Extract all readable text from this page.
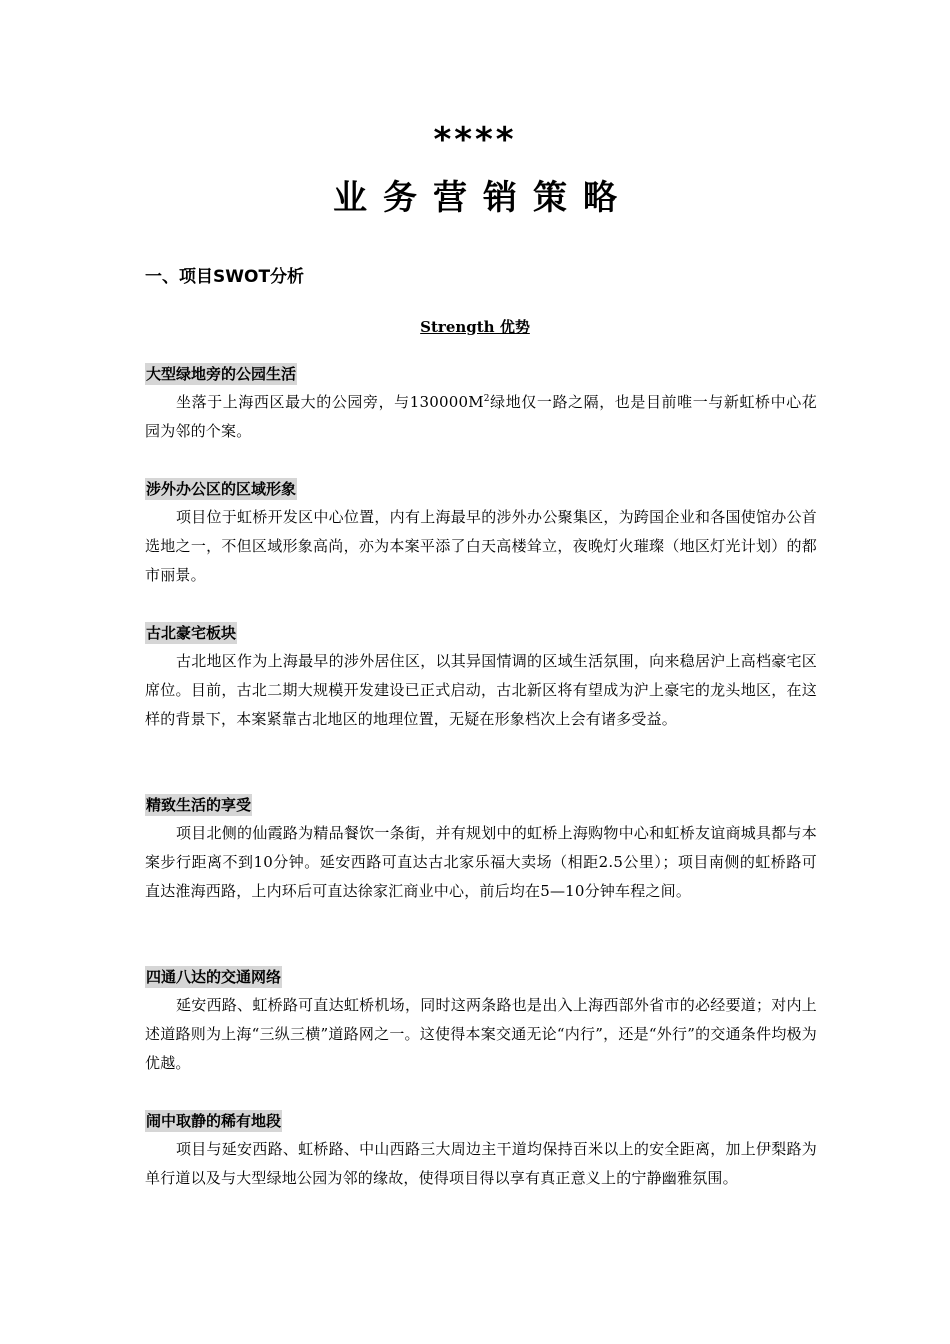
****
业务营销策略
一、项目SWOT分析
Strength 优势
大型绿地旁的公园生活

坐落于上海西区最大的公园旁，与$130000M^2$绿地仅一路之隔，也是目前唯一与新虹桥中心花园为邻的个案。

涉外办公区的区域形象

项目位于虹桥开发区中心位置，内有上海最早的涉外办公聚集区，为跨国企业和各国使馆办公首选地之一，不但区域形象高尚，亦为本案平添了白天高楼耸立，夜晚灯火璀璨（地区灯光计划）的都市丽景。

古北豪宅板块

古北地区作为上海最早的涉外居住区，以其异国情调的区域生活氛围，向来稳居沪上高档豪宅区席位。目前，古北二期大规模开发建设已正式启动，古北新区将有望成为沪上豪宅的龙头地区，在这样的背景下，本案紧靠古北地区的地理位置，无疑在形象档次上会有诸多受益。

精致生活的享受

项目北侧的仙霞路为精品餐饮一条街，并有规划中的虹桥上海购物中心和虹桥友谊商城具都与本案步行距离不到10分钟。延安西路可直达古北家乐福大卖场（相距2.5公里）；项目南侧的虹桥路可直达淮海西路，上内环后可直达徐家汇商业中心，前后均在5—10分钟车程之间。

四通八达的交通网络

延安西路、虹桥路可直达虹桥机场，同时这两条路也是出入上海西部外省市的必经要道；对内上述道路则为上海“三纵三横”道路网之一。这使得本案交通无论“内行”，还是“外行”的交通条件均极为优越。

闹中取静的稀有地段

项目与延安西路、虹桥路、中山西路三大周边主干道均保持百米以上的安全距离，加上伊梨路为单行道以及与大型绿地公园为邻的缘故，使得项目得以享有真正意义上的宁静幽雅氛围。
